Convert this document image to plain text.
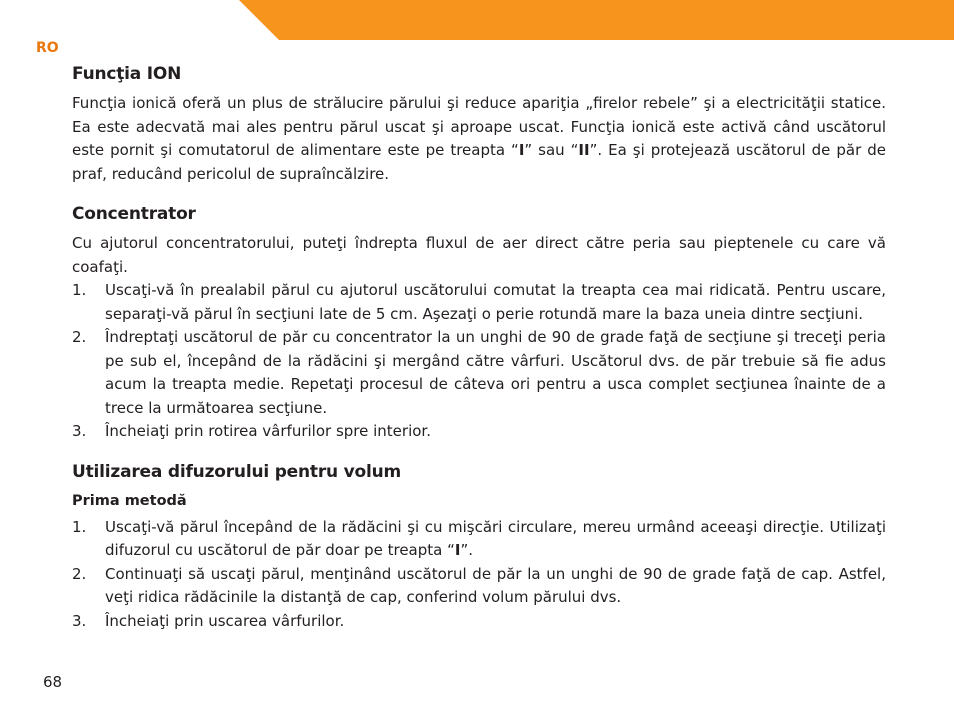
RO
Funcţia ION

Funcţia ionică oferă un plus de strălucire părului şi reduce apariţia „firelor rebele” şi a electricităţii statice. Ea este adecvată mai ales pentru părul uscat şi aproape uscat. Funcţia ionică este activă când uscătorul este pornit şi comutatorul de alimentare este pe treapta “I” sau “II”. Ea şi protejează uscătorul de păr de praf, reducând pericolul de supraîncălzire.

Concentrator

Cu ajutorul concentratorului, puteţi îndrepta fluxul de aer direct către peria sau pieptenele cu care vă coafaţi.

1. Uscaţi-vă în prealabil părul cu ajutorul uscătorului comutat la treapta cea mai ridicată. Pentru uscare, separaţi-vă părul în secţiuni late de 5 cm. Aşezaţi o perie rotundă mare la baza uneia dintre secţiuni.
2. Îndreptaţi uscătorul de păr cu concentrator la un unghi de 90 de grade faţă de secţiune şi treceţi peria pe sub el, începând de la rădăcini şi mergând către vârfuri. Uscătorul dvs. de păr trebuie să fie adus acum la treapta medie. Repetaţi procesul de câteva ori pentru a usca complet secţiunea înainte de a trece la următoarea secţiune.
3. Încheiaţi prin rotirea vârfurilor spre interior.
Utilizarea difuzorului pentru volum
Prima metodă
1. Uscaţi-vă părul începând de la rădăcini şi cu mişcări circulare, mereu urmând aceeaşi direcţie. Utilizaţi difuzorul cu uscătorul de păr doar pe treapta “I”.
2. Continuaţi să uscaţi părul, menţinând uscătorul de păr la un unghi de 90 de grade faţă de cap. Astfel, veţi ridica rădăcinile la distanţă de cap, conferind volum părului dvs.
3. Încheiaţi prin uscarea vârfurilor.
68
